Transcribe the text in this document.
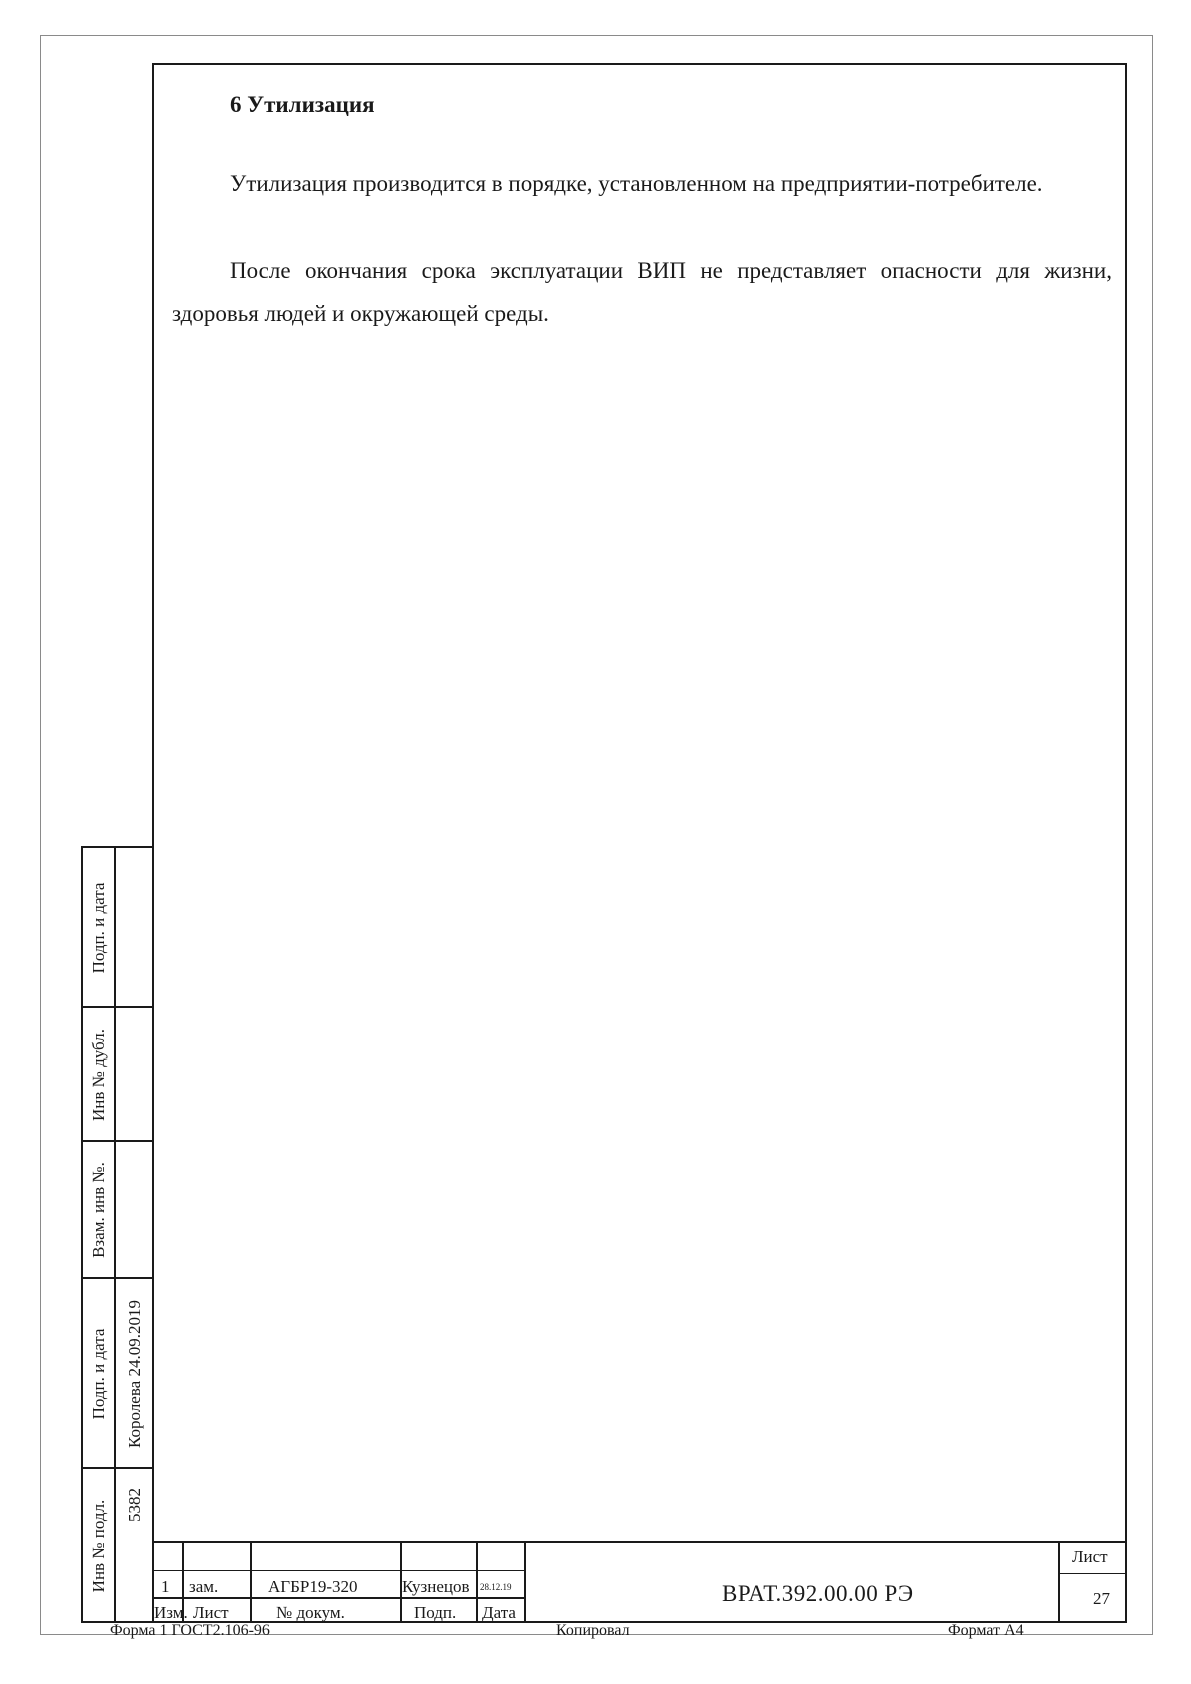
6 Утилизация

Утилизация производится в порядке, установленном на предприятии-потребителе.

После окончания срока эксплуатации ВИП не представляет опасности для жизни, здоровья людей и окружающей среды.

Подп. и дата
Инв № дубл.
Взам. инв №.
Подп. и дата Королева 24.09.2019
Инв № подл. 5382
1 зам.	АГБР19-320	Кузнецов 28.12.19
Изм. Лист	№ докум.	Подп. Дата
ВРАТ.392.00.00 РЭ
Лист
27
Форма 1 ГОСТ2.106-96	Копировал	Формат А4
